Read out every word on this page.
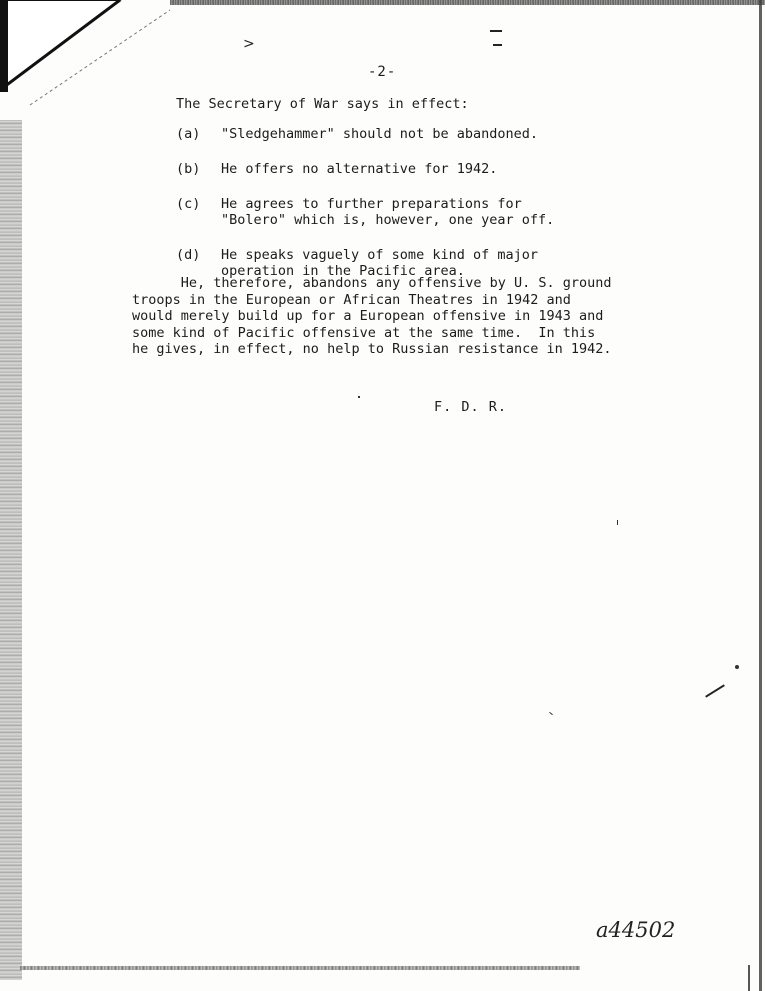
>
-2-
The Secretary of War says in effect:
(a)	"Sledgehammer" should not be abandoned.
(b)	He offers no alternative for 1942.
(c)	He agrees to further preparations for
"Bolero" which is, however, one year off.
(d)	He speaks vaguely of some kind of major
operation in the Pacific area.
He, therefore, abandons any offensive by U. S. ground
troops in the European or African Theatres in 1942 and
would merely build up for a European offensive in 1943 and
some kind of Pacific offensive at the same time.  In this
he gives, in effect, no help to Russian resistance in 1942.
F. D. R.
a44502
